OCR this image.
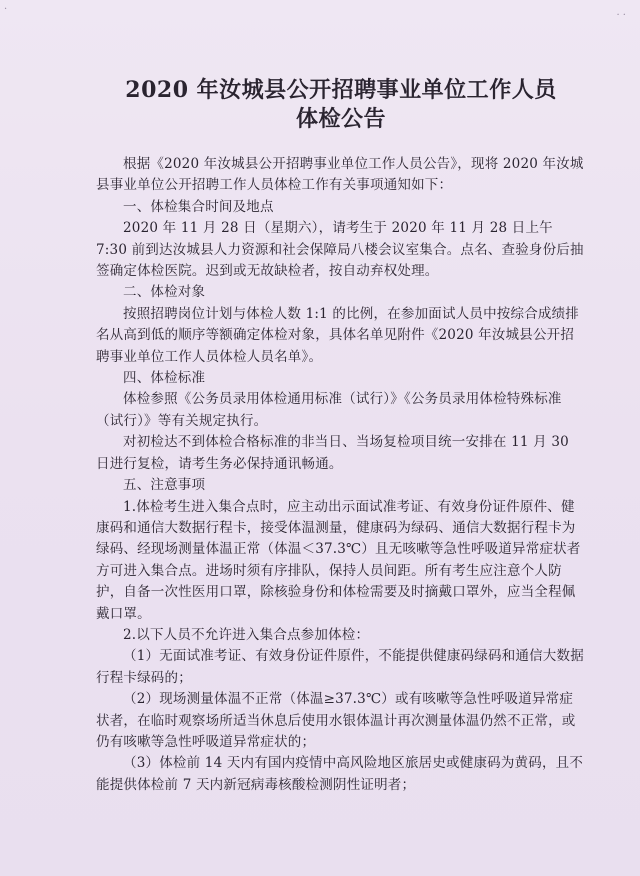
·
· ·
2020 年汝城县公开招聘事业单位工作人员
体检公告

根据《2020 年汝城县公开招聘事业单位工作人员公告》，现将 2020 年汝城县事业单位公开招聘工作人员体检工作有关事项通知如下：

一、体检集合时间及地点

2020 年 11 月 28 日（星期六），请考生于 2020 年 11 月 28 日上午 7:30 前到达汝城县人力资源和社会保障局八楼会议室集合。点名、查验身份后抽签确定体检医院。迟到或无故缺检者，按自动弃权处理。

二、体检对象

按照招聘岗位计划与体检人数 1:1 的比例，在参加面试人员中按综合成绩排名从高到低的顺序等额确定体检对象，具体名单见附件《2020 年汝城县公开招聘事业单位工作人员体检人员名单》。

四、体检标准

体检参照《公务员录用体检通用标准（试行）》《公务员录用体检特殊标准（试行）》等有关规定执行。

对初检达不到体检合格标准的非当日、当场复检项目统一安排在 11 月 30 日进行复检，请考生务必保持通讯畅通。

五、注意事项

1.体检考生进入集合点时，应主动出示面试准考证、有效身份证件原件、健康码和通信大数据行程卡，接受体温测量，健康码为绿码、通信大数据行程卡为绿码、经现场测量体温正常（体温＜37.3℃）且无咳嗽等急性呼吸道异常症状者方可进入集合点。进场时须有序排队，保持人员间距。所有考生应注意个人防护，自备一次性医用口罩，除核验身份和体检需要及时摘戴口罩外，应当全程佩戴口罩。

2.以下人员不允许进入集合点参加体检：

（1）无面试准考证、有效身份证件原件，不能提供健康码绿码和通信大数据行程卡绿码的；

（2）现场测量体温不正常（体温≥37.3℃）或有咳嗽等急性呼吸道异常症状者，在临时观察场所适当休息后使用水银体温计再次测量体温仍然不正常，或仍有咳嗽等急性呼吸道异常症状的；

（3）体检前 14 天内有国内疫情中高风险地区旅居史或健康码为黄码，且不能提供体检前 7 天内新冠病毒核酸检测阴性证明者；
